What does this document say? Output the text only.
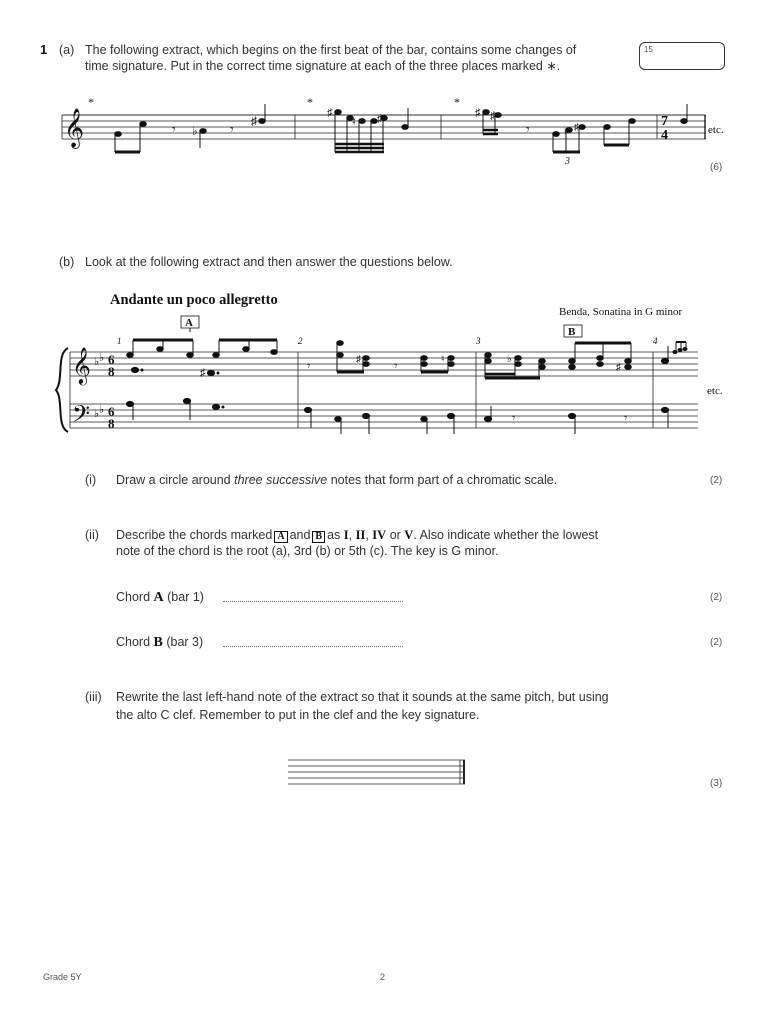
1 (a) The following extract, which begins on the first beat of the bar, contains some changes of
time signature. Put in the correct time signature at each of the three places marked ∗.
15
𝄞
*	*	*
𝄾 ♭ 𝄾
♯
♯
♮ ♯	♯ ♯
𝄾	♭ ♯	7
4
3
etc.
(6)
(b) Look at the following extract and then answer the questions below.
Andante un poco allegretto
Benda, Sonatina in G minor
A
B
1	2	3	4
𝄞
𝄢
♭ ♭
♭ ♭
6
8
6
8
♯	𝄾	♯	𝄾	♮	♭
♯
𝄾	𝄾
etc.
(i) Draw a circle around three successive notes that form part of a chromatic scale.	(2)
(ii) Describe the chords marked A and B as I, II, IV or V. Also indicate whether the lowest
note of the chord is the root (a), 3rd (b) or 5th (c). The key is G minor.
Chord A (bar 1)	(2)
Chord B (bar 3)	(2)
(iii) Rewrite the last left-hand note of the extract so that it sounds at the same pitch, but using
the alto C clef. Remember to put in the clef and the key signature.
(3)
Grade 5Y	2
